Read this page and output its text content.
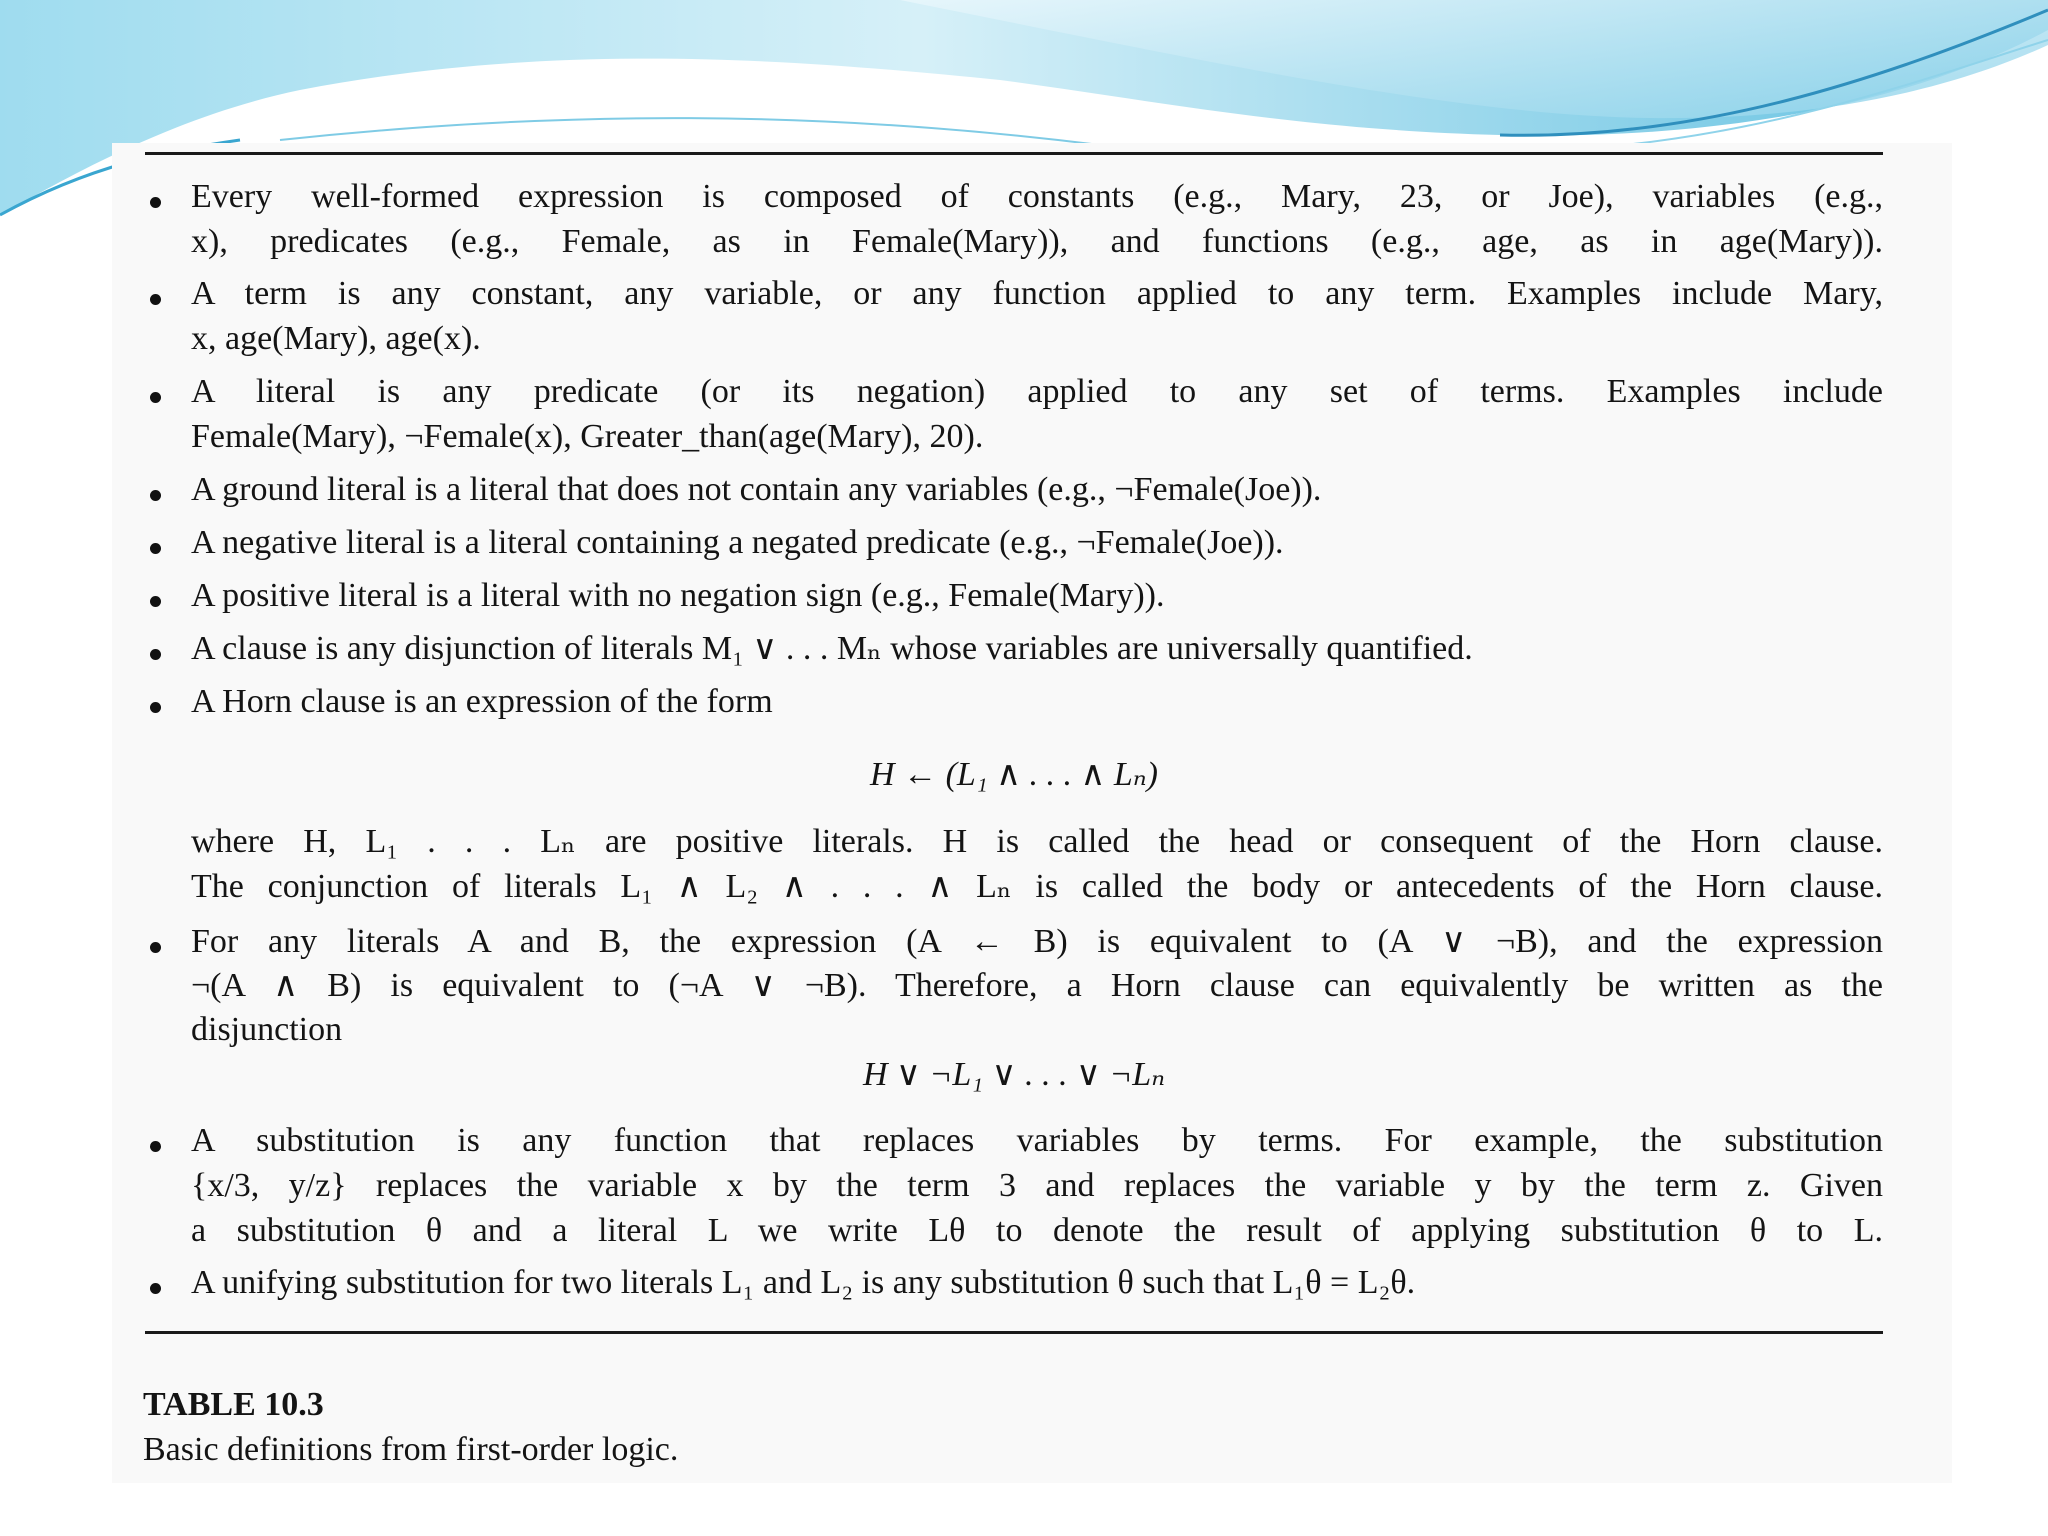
Every well-formed expression is composed of constants (e.g., Mary, 23, or Joe), variables (e.g.,
x), predicates (e.g., Female, as in Female(Mary)), and functions (e.g., age, as in age(Mary)).
A term is any constant, any variable, or any function applied to any term. Examples include Mary,
x, age(Mary), age(x).
A literal is any predicate (or its negation) applied to any set of terms. Examples include
Female(Mary), ¬Female(x), Greater_than(age(Mary), 20).
A ground literal is a literal that does not contain any variables (e.g., ¬Female(Joe)).
A negative literal is a literal containing a negated predicate (e.g., ¬Female(Joe)).
A positive literal is a literal with no negation sign (e.g., Female(Mary)).
A clause is any disjunction of literals M₁ ∨ . . . Mₙ whose variables are universally quantified.
A Horn clause is an expression of the form
H ← (L₁ ∧ . . . ∧ Lₙ)
where H, L₁ . . . Lₙ are positive literals. H is called the head or consequent of the Horn clause.
The conjunction of literals L₁ ∧ L₂ ∧ . . . ∧ Lₙ is called the body or antecedents of the Horn clause.
For any literals A and B, the expression (A ← B) is equivalent to (A ∨ ¬B), and the expression
¬(A ∧ B) is equivalent to (¬A ∨ ¬B). Therefore, a Horn clause can equivalently be written as the
disjunction
H ∨ ¬L₁ ∨ . . . ∨ ¬Lₙ
A substitution is any function that replaces variables by terms. For example, the substitution
{x/3, y/z} replaces the variable x by the term 3 and replaces the variable y by the term z. Given
a substitution θ and a literal L we write Lθ to denote the result of applying substitution θ to L.
A unifying substitution for two literals L₁ and L₂ is any substitution θ such that L₁θ = L₂θ.
TABLE 10.3
Basic definitions from first-order logic.
